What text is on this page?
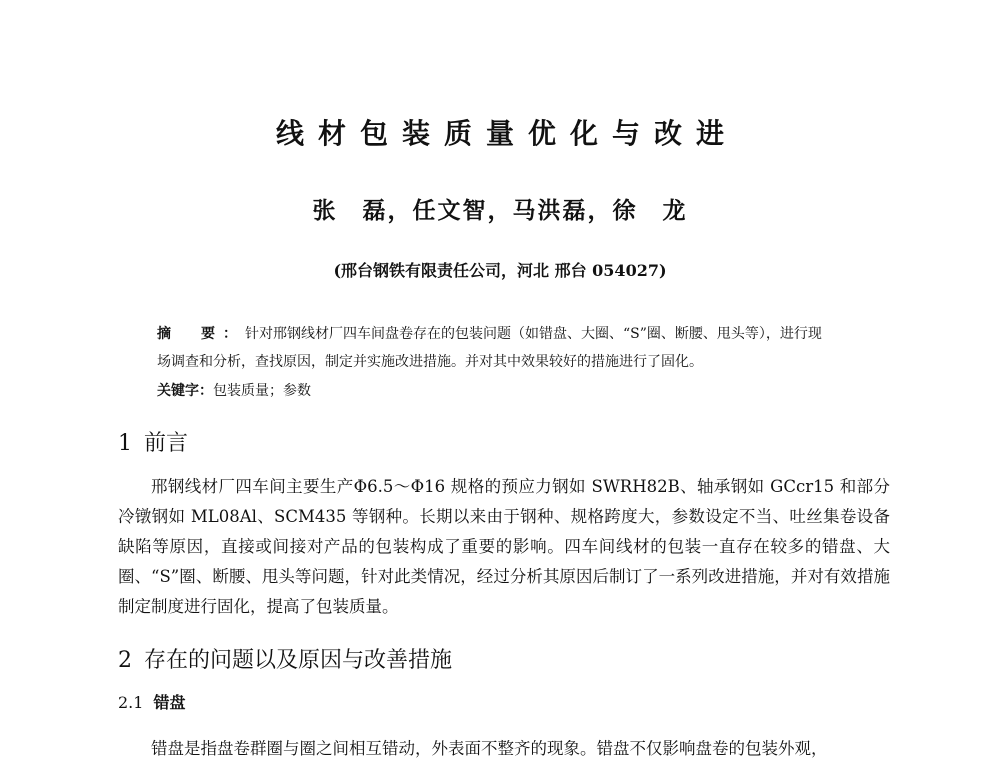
线材包装质量优化与改进
张　磊，任文智，马洪磊，徐　龙
(邢台钢铁有限责任公司，河北 邢台 054027)
摘　要：针对邢钢线材厂四车间盘卷存在的包装问题（如错盘、大圈、“S”圈、断腰、甩头等），进行现
场调查和分析，查找原因，制定并实施改进措施。并对其中效果较好的措施进行了固化。
关键字：包装质量；参数
1 前言
邢钢线材厂四车间主要生产Φ6.5～Φ16 规格的预应力钢如 SWRH82B、轴承钢如 GCcr15 和部分冷镦钢如 ML08Al、SCM435 等钢种。长期以来由于钢种、规格跨度大，参数设定不当、吐丝集卷设备缺陷等原因，直接或间接对产品的包装构成了重要的影响。四车间线材的包装一直存在较多的错盘、大圈、“S”圈、断腰、甩头等问题，针对此类情况，经过分析其原因后制订了一系列改进措施，并对有效措施制定制度进行固化，提高了包装质量。
2 存在的问题以及原因与改善措施
2.1 错盘
错盘是指盘卷群圈与圈之间相互错动，外表面不整齐的现象。错盘不仅影响盘卷的包装外观，
